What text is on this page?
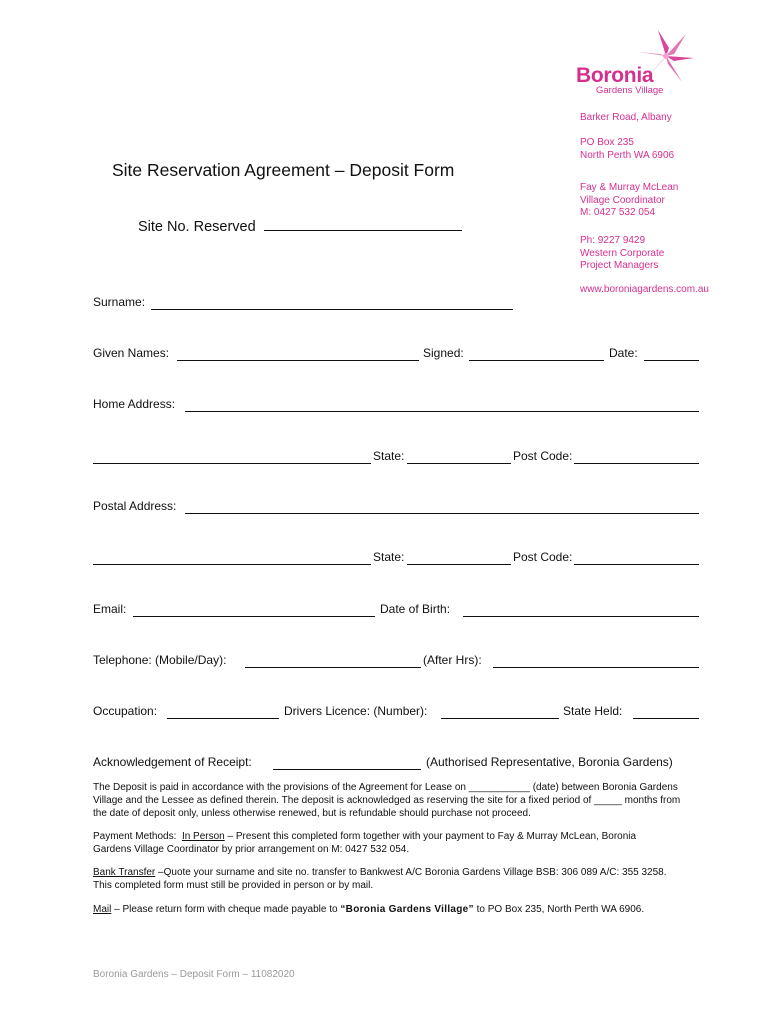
Boronia
Gardens Village
Barker Road, Albany
PO Box 235
North Perth WA 6906
Fay & Murray McLean
Village Coordinator
M: 0427 532 054
Ph: 9227 9429
Western Corporate
Project Managers
www.boroniagardens.com.au
Site Reservation Agreement – Deposit Form
Site No. Reserved
Surname:
Given Names:	Signed:	Date:
Home Address:
State:	Post Code:
Postal Address:
State:	Post Code:
Email:	Date of Birth:
Telephone: (Mobile/Day):	(After Hrs):
Occupation:	Drivers Licence: (Number):	State Held:
Acknowledgement of Receipt:	(Authorised Representative, Boronia Gardens)
The Deposit is paid in accordance with the provisions of the Agreement for Lease on ___________ (date) between Boronia Gardens
Village and the Lessee as defined therein. The deposit is acknowledged as reserving the site for a fixed period of _____ months from
the date of deposit only, unless otherwise renewed, but is refundable should purchase not proceed.
Payment Methods: In Person – Present this completed form together with your payment to Fay & Murray McLean, Boronia
Gardens Village Coordinator by prior arrangement on M: 0427 532 054.
Bank Transfer –Quote your surname and site no. transfer to Bankwest A/C Boronia Gardens Village BSB: 306 089 A/C: 355 3258.
This completed form must still be provided in person or by mail.
Mail – Please return form with cheque made payable to “Boronia Gardens Village” to PO Box 235, North Perth WA 6906.
Boronia Gardens – Deposit Form – 11082020
